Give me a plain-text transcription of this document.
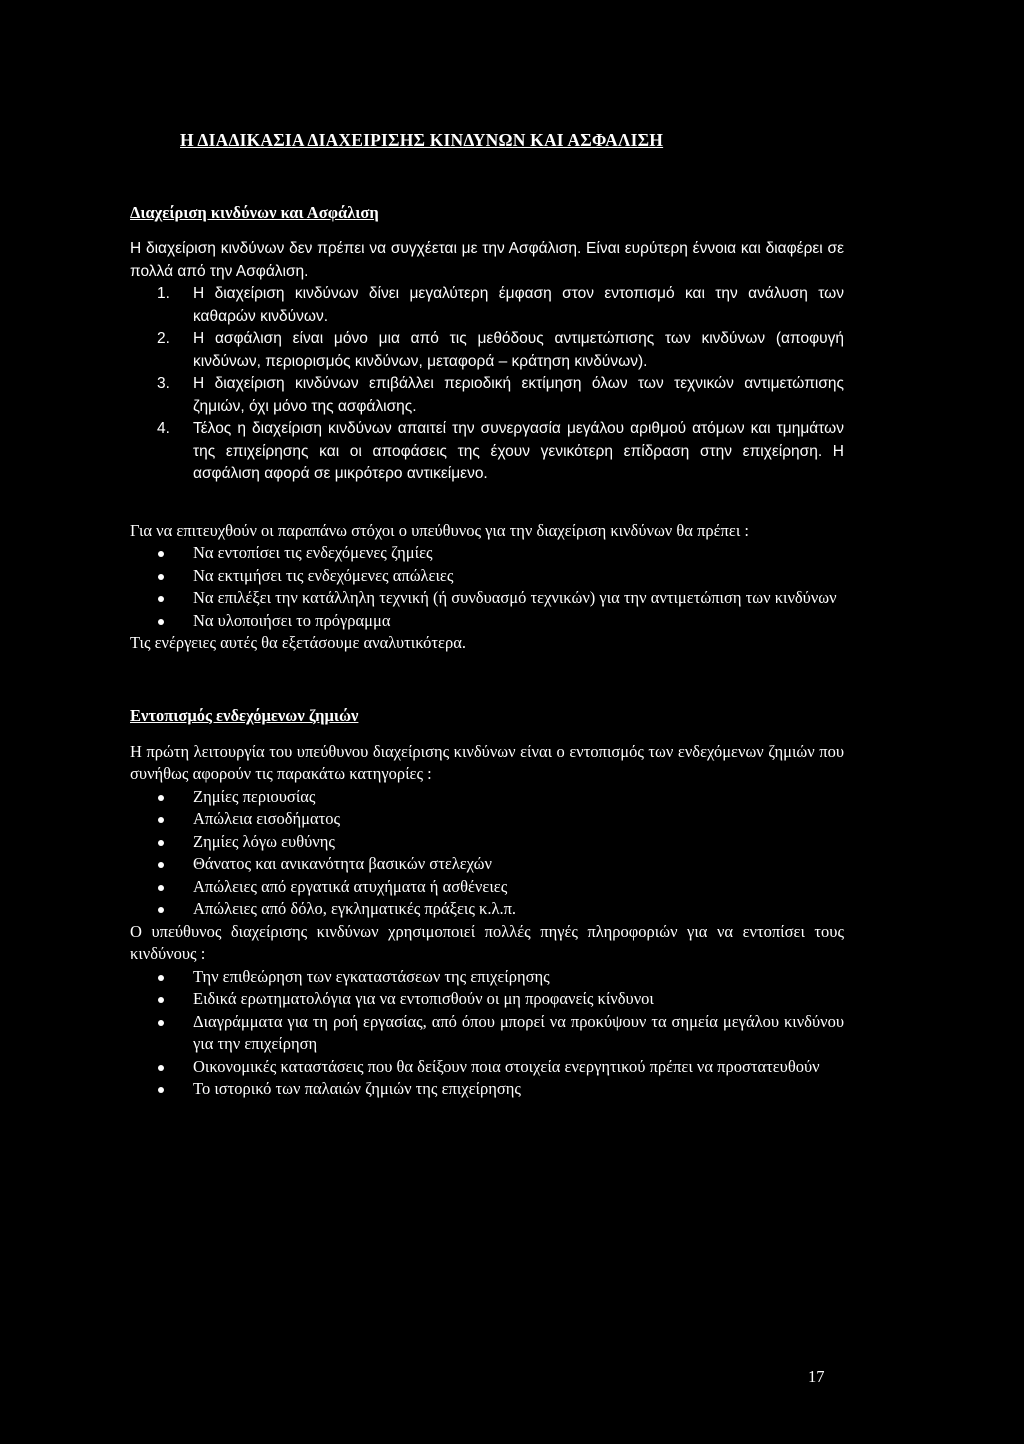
Η ΔΙΑΔΙΚΑΣΙΑ ΔΙΑΧΕΙΡΙΣΗΣ ΚΙΝΔΥΝΩΝ ΚΑΙ ΑΣΦΑΛΙΣΗ
Διαχείριση κινδύνων και Ασφάλιση

Η διαχείριση κινδύνων δεν πρέπει να συγχέεται με την Ασφάλιση. Είναι ευρύτερη έννοια και διαφέρει σε πολλά από την Ασφάλιση.

1. Η διαχείριση κινδύνων δίνει μεγαλύτερη έμφαση στον εντοπισμό και την ανάλυση των καθαρών κινδύνων.
2. Η ασφάλιση είναι μόνο μια από τις μεθόδους αντιμετώπισης των κινδύνων (αποφυγή κινδύνων, περιορισμός κινδύνων, μεταφορά – κράτηση κινδύνων).
3. Η διαχείριση κινδύνων επιβάλλει περιοδική εκτίμηση όλων των τεχνικών αντιμετώπισης ζημιών, όχι μόνο της ασφάλισης.
4. Τέλος η διαχείριση κινδύνων απαιτεί την συνεργασία μεγάλου αριθμού ατόμων και τμημάτων της επιχείρησης και οι αποφάσεις της έχουν γενικότερη επίδραση στην επιχείρηση. Η ασφάλιση αφορά σε μικρότερο αντικείμενο.

Για να επιτευχθούν οι παραπάνω στόχοι ο υπεύθυνος για την διαχείριση κινδύνων θα πρέπει :

Να εντοπίσει τις ενδεχόμενες ζημίες
Να εκτιμήσει τις ενδεχόμενες απώλειες
Να επιλέξει την κατάλληλη τεχνική (ή συνδυασμό τεχνικών) για την αντιμετώπιση των κινδύνων
Να υλοποιήσει το πρόγραμμα

Τις ενέργειες αυτές θα εξετάσουμε αναλυτικότερα.

Εντοπισμός ενδεχόμενων ζημιών

Η πρώτη λειτουργία του υπεύθυνου διαχείρισης κινδύνων είναι ο εντοπισμός των ενδεχόμενων ζημιών που συνήθως αφορούν τις παρακάτω κατηγορίες :

Ζημίες περιουσίας
Απώλεια εισοδήματος
Ζημίες λόγω ευθύνης
Θάνατος και ανικανότητα βασικών στελεχών
Απώλειες από εργατικά ατυχήματα ή ασθένειες
Απώλειες από δόλο, εγκληματικές πράξεις κ.λ.π.

Ο υπεύθυνος διαχείρισης κινδύνων χρησιμοποιεί πολλές πηγές πληροφοριών για να εντοπίσει τους κινδύνους :

Την επιθεώρηση των εγκαταστάσεων της επιχείρησης
Ειδικά ερωτηματολόγια για να εντοπισθούν οι μη προφανείς κίνδυνοι
Διαγράμματα για τη ροή εργασίας, από όπου μπορεί να προκύψουν τα σημεία μεγάλου κινδύνου για την επιχείρηση
Οικονομικές καταστάσεις που θα δείξουν ποια στοιχεία ενεργητικού πρέπει να προστατευθούν
Το ιστορικό των παλαιών ζημιών της επιχείρησης
17
